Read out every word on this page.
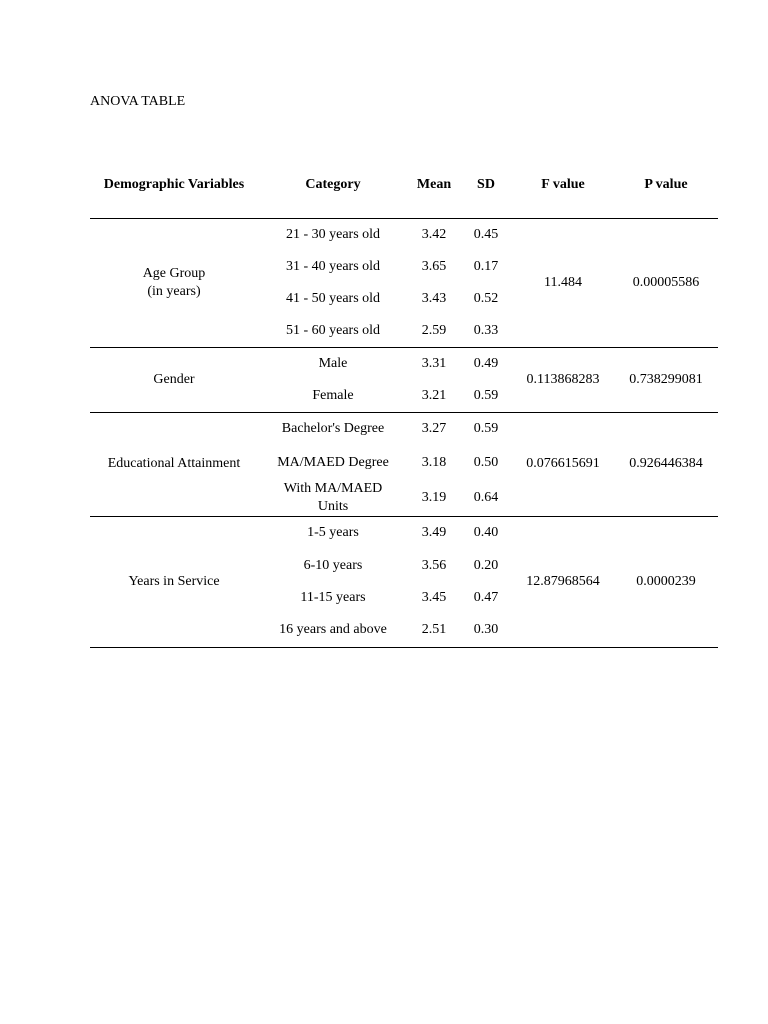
ANOVA TABLE
Demographic Variables	Category	Mean	SD	F value	P value
Age Group
(in years)	21 - 30 years old	3.42	0.45	11.484	0.00005586
	31 - 40 years old	3.65	0.17		
	41 - 50 years old	3.43	0.52		
	51 - 60 years old	2.59	0.33		
Gender	Male	3.31	0.49	0.113868283	0.738299081
	Female	3.21	0.59		
Educational Attainment	Bachelor's Degree	3.27	0.59	0.076615691	0.926446384
	MA/MAED Degree	3.18	0.50		
	With MA/MAED Units	3.19	0.64		
Years in Service	1-5 years	3.49	0.40	12.87968564	0.0000239
	6-10 years	3.56	0.20		
	11-15 years	3.45	0.47		
	16 years and above	2.51	0.30		
